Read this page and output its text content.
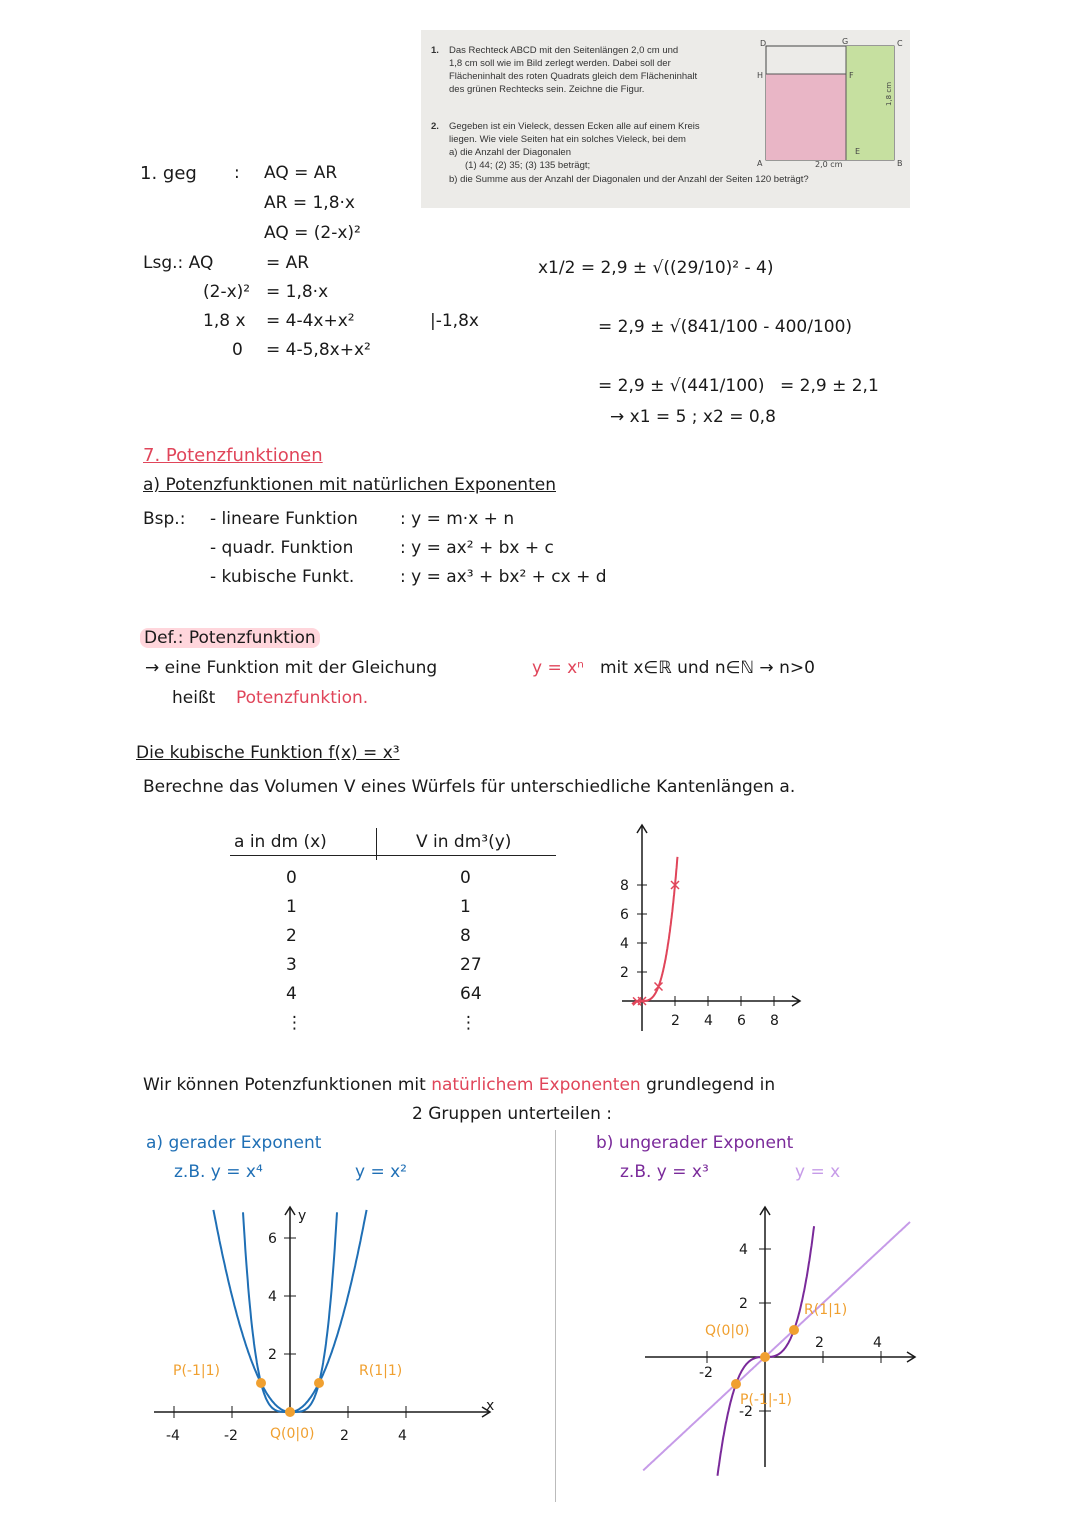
1. Das Rechteck ABCD mit den Seitenlängen 2,0 cm und
1,8 cm soll wie im Bild zerlegt werden. Dabei soll der
Flächeninhalt des roten Quadrats gleich dem Flächeninhalt
des grünen Rechtecks sein. Zeichne die Figur.
2. Gegeben ist ein Vieleck, dessen Ecken alle auf einem Kreis
liegen. Wie viele Seiten hat ein solches Vieleck, bei dem
a) die Anzahl der Diagonalen
(1) 44; (2) 35; (3) 135 beträgt;
b) die Summe aus der Anzahl der Diagonalen und der Anzahl der Seiten 120 beträgt?
D	G	C
H	F
E
A	B
2,0 cm
1,8 cm
1. geg : AQ = AR
AR = 1,8·x
AQ = (2-x)²
Lsg.: AQ	= AR
(2-x)² = 1,8·x
1,8 x = 4-4x+x²
0 = 4-5,8x+x²
|-1,8x
x1/2 = 2,9 ± √((29/10)² - 4)
= 2,9 ± √(841/100 - 400/100)
= 2,9 ± √(441/100) = 2,9 ± 2,1
→ x1 = 5 ; x2 = 0,8
7. Potenzfunktionen
a) Potenzfunktionen mit natürlichen Exponenten
Bsp.: - lineare Funktion : y = m·x + n
- quadr. Funktion	: y = ax² + bx + c
- kubische Funkt.	: y = ax³ + bx² + cx + d
Def.: Potenzfunktion
→ eine Funktion mit der Gleichung	y = xⁿ mit x∈ℝ und n∈ℕ → n>0
heißt Potenzfunktion.
Die kubische Funktion f(x) = x³
Berechne das Volumen V eines Würfels für unterschiedliche Kantenlängen a.
a in dm (x)	V in dm³(y)
0	0
1	1
2	8
3	27
4	64
⋮	⋮	2 4 6 8
2
4
6
8
Wir können Potenzfunktionen mit natürlichem Exponenten grundlegend in
2 Gruppen unterteilen :
a) gerader Exponent
z.B. y = x⁴	y = x²
b) ungerader Exponent
z.B. y = x³	y = x
-4	-2	2	4
2
4
6
y
x
P(-1|1)
Q(0|0)
R(1|1)	-2
2	4
-2
2
4
P(-1|-1)
Q(0|0)
R(1|1)
